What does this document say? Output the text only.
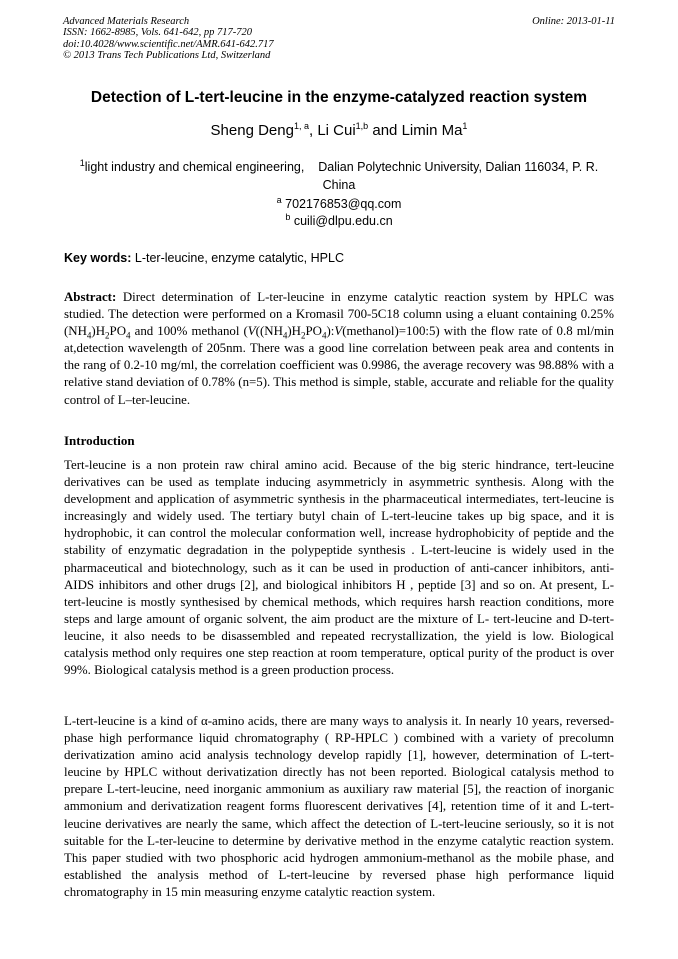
Advanced Materials Research
ISSN: 1662-8985, Vols. 641-642, pp 717-720
doi:10.4028/www.scientific.net/AMR.641-642.717
© 2013 Trans Tech Publications Ltd, Switzerland
Online: 2013-01-11
Detection of L-tert-leucine in the enzyme-catalyzed reaction system
Sheng Deng$^{1, a}$, Li Cui$^{1,b}$ and Limin Ma$^1$
$^1$light industry and chemical engineering,    Dalian Polytechnic University, Dalian 116034, P. R.
China
$^a$ 702176853@qq.com
$^b$ cuili@dlpu.edu.cn
Key words: L-ter-leucine, enzyme catalytic, HPLC
Abstract: Direct determination of L-ter-leucine in enzyme catalytic reaction system by HPLC was studied. The detection were performed on a Kromasil 700-5C18 column using a eluant containing 0.25% $(NH_4)H_2PO_4$ and 100% methanol $(V((NH_4)H_2PO_4):V(methanol)=100:5)$ with the flow rate of 0.8 ml/min at,detection wavelength of 205nm. There was a good line correlation between peak area and contents in the rang of 0.2-10 mg/ml, the correlation coefficient was 0.9986, the average recovery was 98.88% with a relative stand deviation of 0.78% (n=5). This method is simple, stable, accurate and reliable for the quality control of L–ter-leucine.
Introduction
Tert-leucine is a non protein raw chiral amino acid. Because of the big steric hindrance, tert-leucine derivatives can be used as template inducing asymmetricly in asymmetric synthesis. Along with the development and application of asymmetric synthesis in the pharmaceutical intermediates, tert-leucine is increasingly and widely used. The tertiary butyl chain of L-tert-leucine takes up big space, and it is hydrophobic, it can control the molecular conformation well, increase hydrophobicity of peptide and the stability of enzymatic degradation in the polypeptide synthesis . L-tert-leucine is widely used in the pharmaceutical and biotechnology, such as it can be used in production of anti-cancer inhibitors, anti-AIDS inhibitors and other drugs [2], and biological inhibitors H , peptide [3] and so on. At present, L- tert-leucine is mostly synthesised by chemical methods, which requires harsh reaction conditions, more steps and large amount of organic solvent, the aim product are the mixture of L- tert-leucine and D-tert-leucine, it also needs to be disassembled and repeated recrystallization, the yield is low. Biological catalysis method only requires one step reaction at room temperature, optical purity of the product is over 99%. Biological catalysis method is a green production process.
L-tert-leucine is a kind of α-amino acids, there are many ways to analysis it. In nearly 10 years, reversed-phase high performance liquid chromatography ( RP-HPLC ) combined with a variety of precolumn derivatization amino acid analysis technology develop rapidly [1], however, determination of L-tert-leucine by HPLC without derivatization directly has not been reported. Biological catalysis method to prepare L-tert-leucine, need inorganic ammonium as auxiliary raw material [5], the reaction of inorganic ammonium and derivatization reagent forms fluorescent derivatives [4], retention time of it and L-tert-leucine derivatives are nearly the same, which affect the detection of L-tert-leucine seriously, so it is not suitable for the L-ter-leucine to determine by derivative method in the enzyme catalytic reaction system. This paper studied with two phosphoric acid hydrogen ammonium-methanol as the mobile phase, and established the analysis method of L-tert-leucine by reversed phase high performance liquid chromatography in 15 min measuring enzyme catalytic reaction system.
